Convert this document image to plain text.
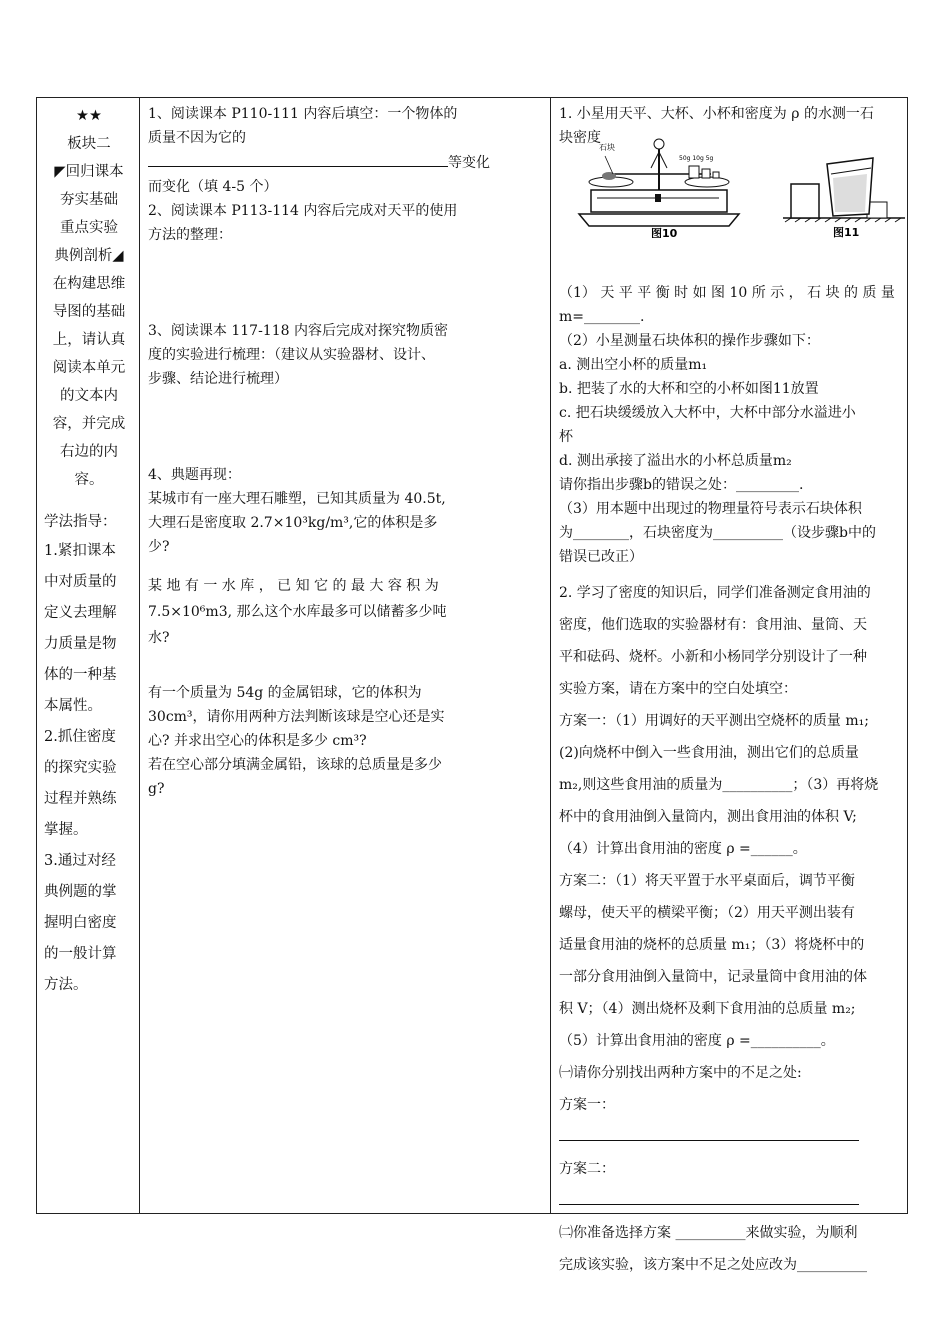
★★
板块二
◤回归课本
夯实基础
重点实验
典例剖析◢
在构建思维
导图的基础
上，请认真
阅读本单元
的文本内
容，并完成
右边的内
容。
学法指导：
1.紧扣课本
中对质量的
定义去理解
力质量是物
体的一种基
本属性。
2.抓住密度
的探究实验
过程并熟练
掌握。
3.通过对经
典例题的掌
握明白密度
的一般计算
方法。

1、阅读课本 P110-111 内容后填空：一个物体的

质量不因为它的

等变化

而变化（填 4-5 个）

2、阅读课本 P113-114 内容后完成对天平的使用

方法的整理：

3、阅读课本 117-118 内容后完成对探究物质密

度的实验进行梳理：（建议从实验器材、设计、

步骤、结论进行梳理）

4、典题再现：

某城市有一座大理石雕塑，已知其质量为 40.5t,

大理石是密度取 2.7×10³kg/m³,它的体积是多

少?

某 地 有 一 水 库 ， 已 知 它 的 最 大 容 积 为

7.5×10⁶m3, 那么这个水库最多可以储蓄多少吨

水?

有一个质量为 54g 的金属铝球，它的体积为

30cm³，请你用两种方法判断该球是空心还是实

心? 并求出空心的体积是多少 cm³?

若在空心部分填满金属铅，该球的总质量是多少

g?

1. 小星用天平、大杯、小杯和密度为 ρ 的水测一石

块密度
石块
50g 10g 5g
图10	图11

（1） 天 平 平 衡 时 如 图 10 所 示 ， 石 块 的 质 量

m=________.

（2）小星测量石块体积的操作步骤如下：

a. 测出空小杯的质量m₁

b. 把装了水的大杯和空的小杯如图11放置

c. 把石块缓缓放入大杯中，大杯中部分水溢进小

杯

d. 测出承接了溢出水的小杯总质量m₂

请你指出步骤b的错误之处：_________.

（3）用本题中出现过的物理量符号表示石块体积

为________，石块密度为__________（设步骤b中的

错误已改正）

2. 学习了密度的知识后，同学们准备测定食用油的

密度，他们选取的实验器材有：食用油、量筒、天

平和砝码、烧杯。小新和小杨同学分别设计了一种

实验方案，请在方案中的空白处填空：

方案一：（1）用调好的天平测出空烧杯的质量 m₁;

(2)向烧杯中倒入一些食用油，测出它们的总质量

m₂,则这些食用油的质量为__________；（3）再将烧

杯中的食用油倒入量筒内，测出食用油的体积 V;

（4）计算出食用油的密度 ρ =______。

方案二：（1）将天平置于水平桌面后，调节平衡

螺母，使天平的横梁平衡；（2）用天平测出装有

适量食用油的烧杯的总质量 m₁；（3）将烧杯中的

一部分食用油倒入量筒中，记录量筒中食用油的体

积 V；（4）测出烧杯及剩下食用油的总质量 m₂;

（5）计算出食用油的密度 ρ =__________。

㈠请你分别找出两种方案中的不足之处:

方案一：

方案二：

㈡你准备选择方案 __________来做实验，为顺利

完成该实验，该方案中不足之处应改为__________
